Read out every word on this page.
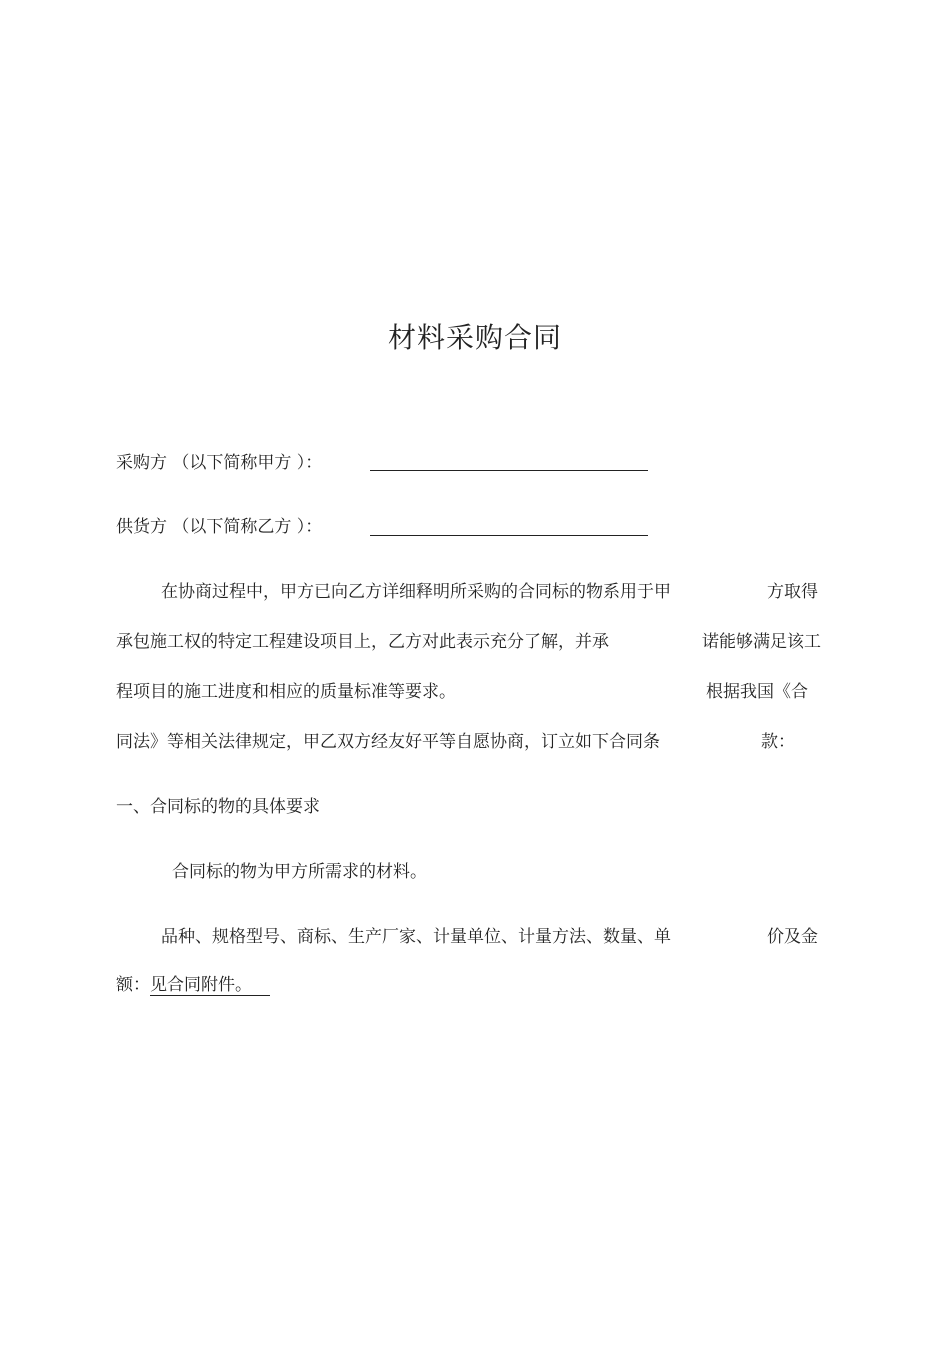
材料采购合同
采购方 （以下简称甲方 ）：
供货方 （以下简称乙方 ）：
在协商过程中，甲方已向乙方详细释明所采购的合同标的物系用于甲	方取得
承包施工权的特定工程建设项目上，乙方对此表示充分了解，并承	诺能够满足该工
程项目的施工进度和相应的质量标准等要求。	根据我国《合
同法》等相关法律规定，甲乙双方经友好平等自愿协商，订立如下合同条	款：
一、合同标的物的具体要求
合同标的物为甲方所需求的材料。
品种、规格型号、商标、生产厂家、计量单位、计量方法、数量、单	价及金
额：见合同附件。
